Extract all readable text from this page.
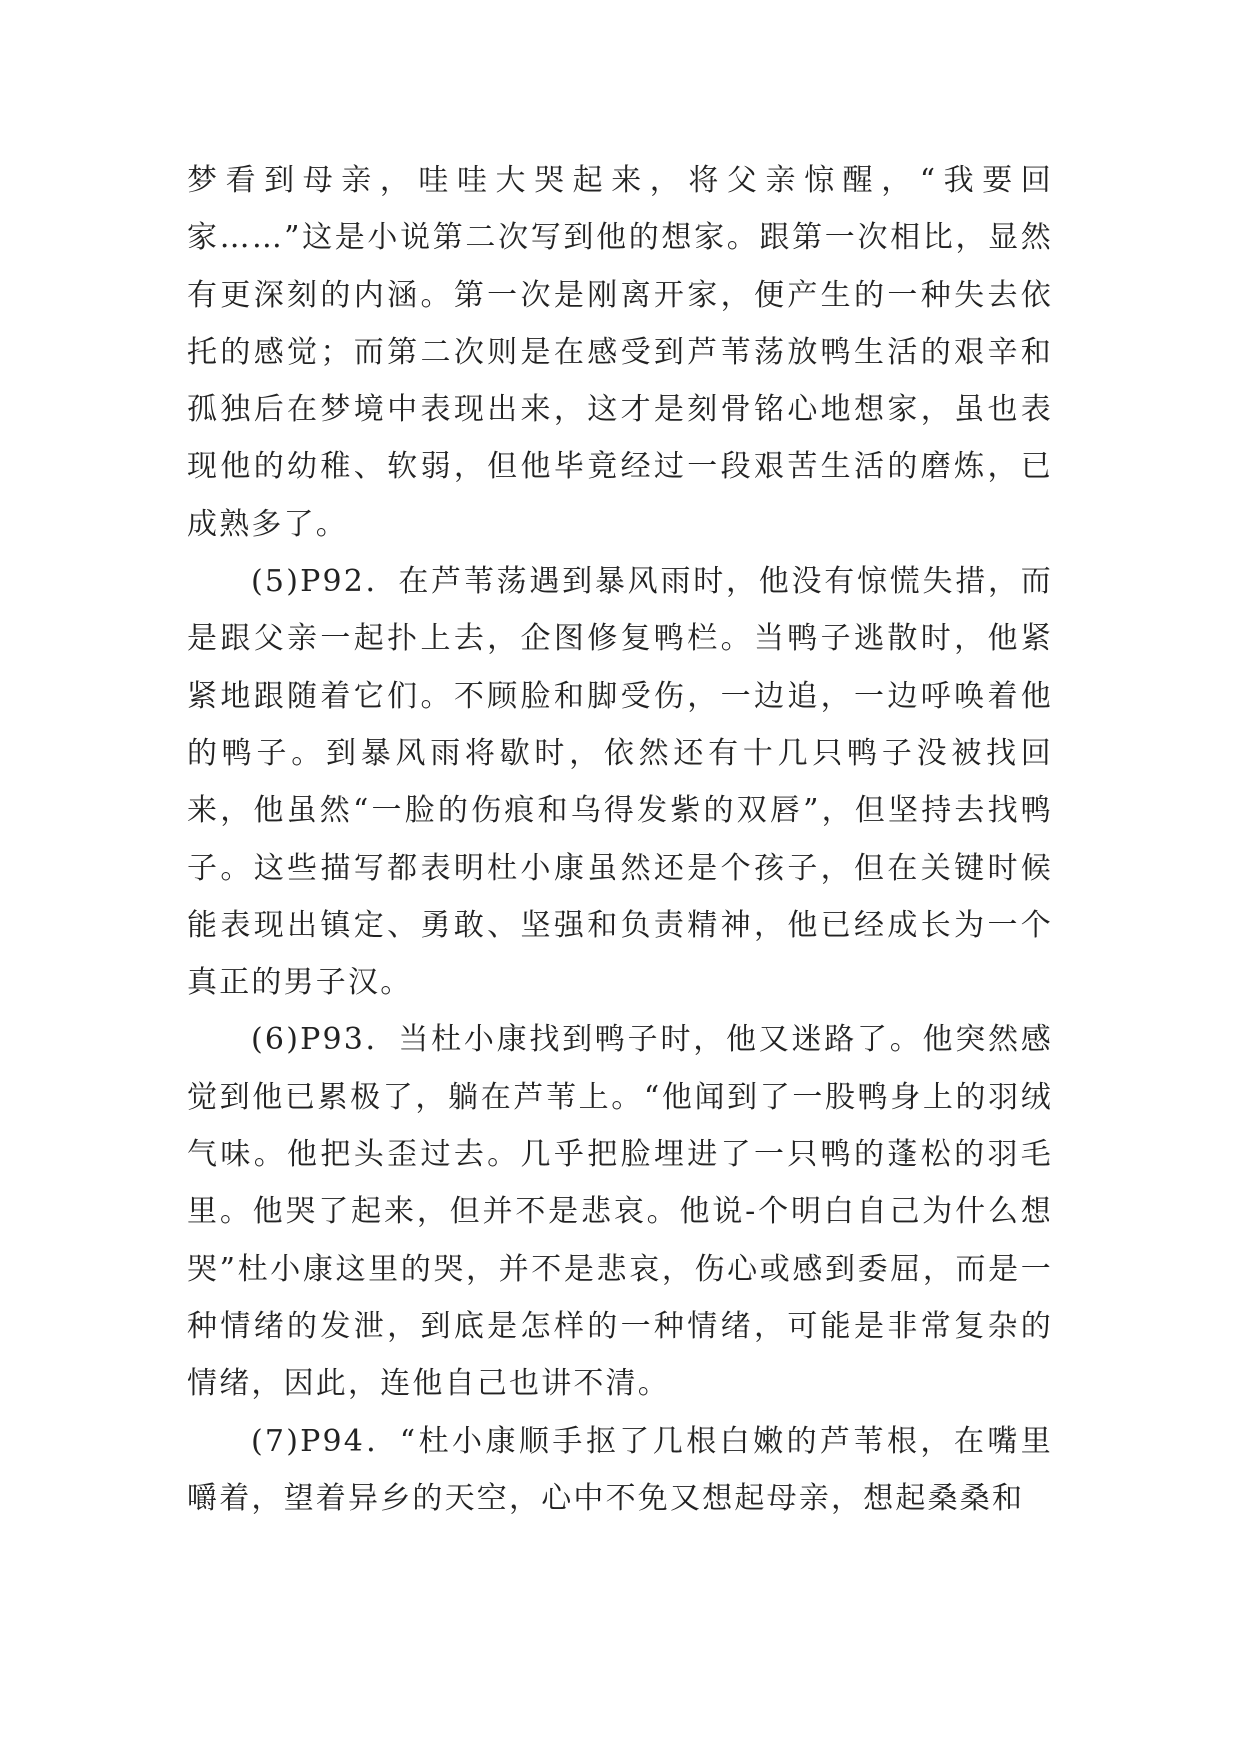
梦看到母亲，哇哇大哭起来，将父亲惊醒，“我要回家……”这是小说第二次写到他的想家。跟第一次相比，显然有更深刻的内涵。第一次是刚离开家，便产生的一种失去依托的感觉；而第二次则是在感受到芦苇荡放鸭生活的艰辛和孤独后在梦境中表现出来，这才是刻骨铭心地想家，虽也表现他的幼稚、软弱，但他毕竟经过一段艰苦生活的磨炼，已成熟多了。

(5)P92．在芦苇荡遇到暴风雨时，他没有惊慌失措，而是跟父亲一起扑上去，企图修复鸭栏。当鸭子逃散时，他紧紧地跟随着它们。不顾脸和脚受伤，一边追，一边呼唤着他的鸭子。到暴风雨将歇时，依然还有十几只鸭子没被找回来，他虽然“一脸的伤痕和乌得发紫的双唇”，但坚持去找鸭子。这些描写都表明杜小康虽然还是个孩子，但在关键时候能表现出镇定、勇敢、坚强和负责精神，他已经成长为一个真正的男子汉。

(6)P93．当杜小康找到鸭子时，他又迷路了。他突然感觉到他已累极了，躺在芦苇上。“他闻到了一股鸭身上的羽绒气味。他把头歪过去。几乎把脸埋进了一只鸭的蓬松的羽毛里。他哭了起来，但并不是悲哀。他说-个明白自己为什么想哭”杜小康这里的哭，并不是悲哀，伤心或感到委屈，而是一种情绪的发泄，到底是怎样的一种情绪，可能是非常复杂的情绪，因此，连他自己也讲不清。

(7)P94．“杜小康顺手抠了几根白嫩的芦苇根，在嘴里嚼着，望着异乡的天空，心中不免又想起母亲，想起桑桑和
